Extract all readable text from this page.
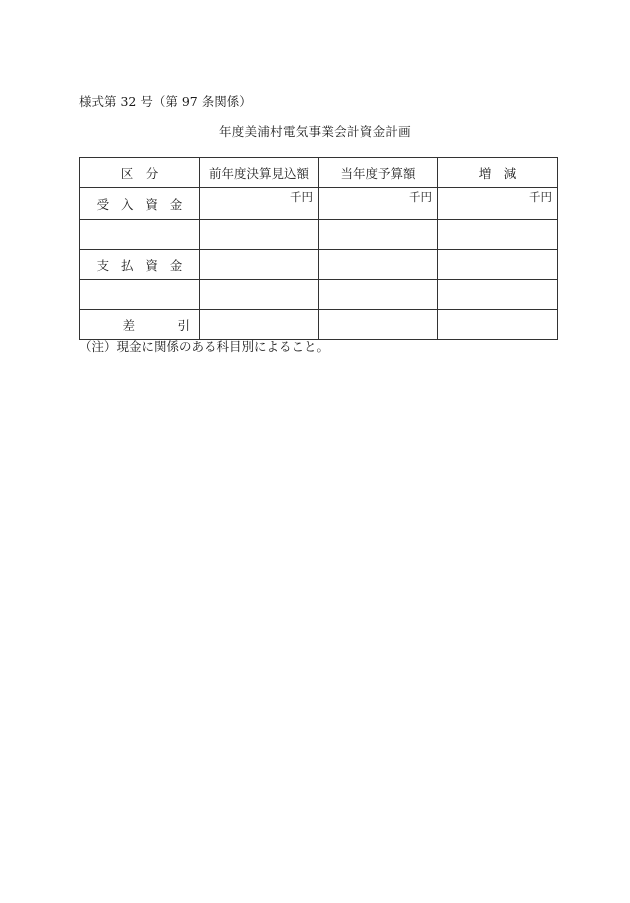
様式第 32 号（第 97 条関係）
年度美浦村電気事業会計資金計画
区　分	前年度決算見込額	当年度予算額	増　減
受入資金	千円	千円	千円

支払資金			

差引			
（注）現金に関係のある科目別によること。
